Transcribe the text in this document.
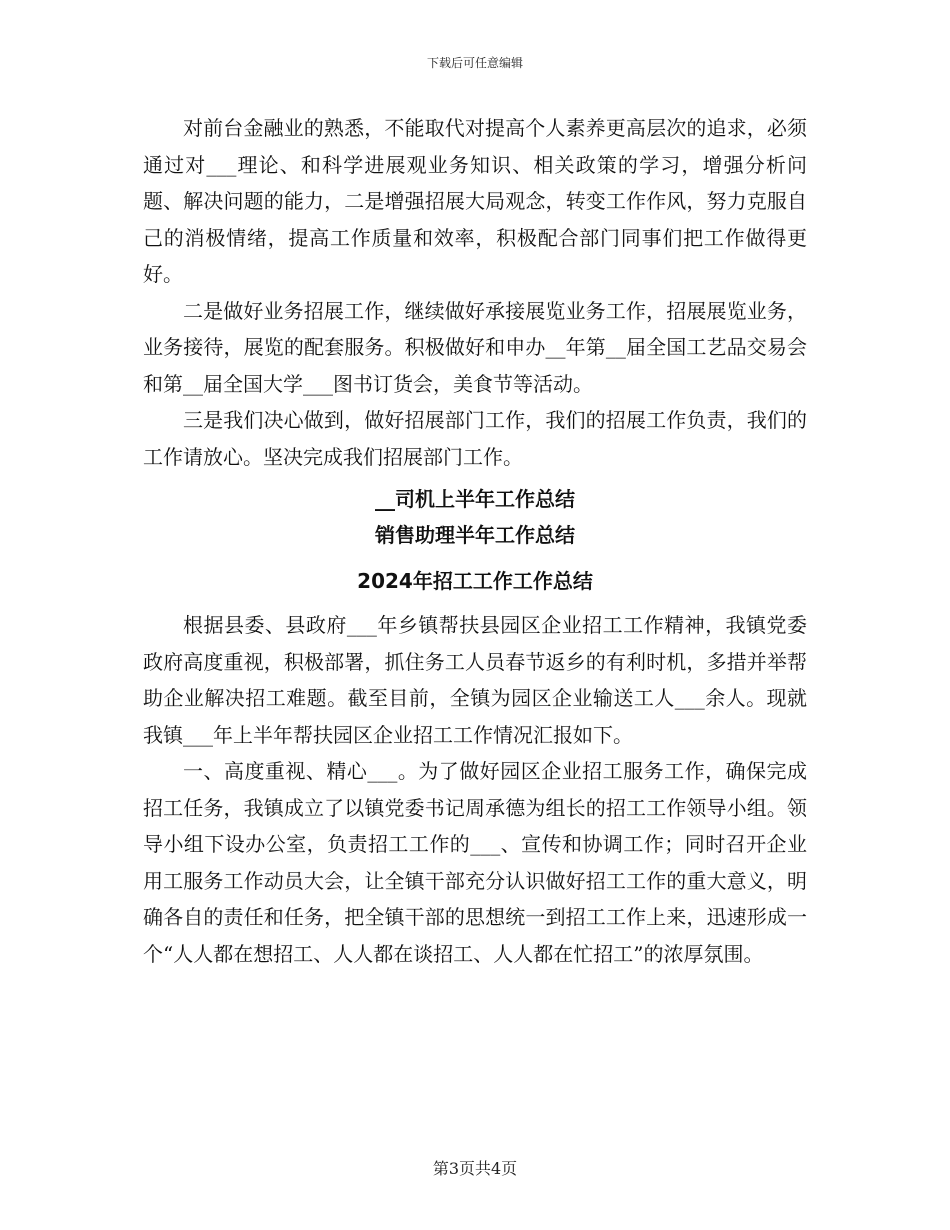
下载后可任意编辑

对前台金融业的熟悉，不能取代对提高个人素养更高层次的追求，必须通过对___理论、和科学进展观业务知识、相关政策的学习，增强分析问题、解决问题的能力，二是增强招展大局观念，转变工作作风，努力克服自己的消极情绪，提高工作质量和效率，积极配合部门同事们把工作做得更好。

二是做好业务招展工作，继续做好承接展览业务工作，招展展览业务，业务接待，展览的配套服务。积极做好和申办__年第__届全国工艺品交易会和第__届全国大学___图书订货会，美食节等活动。

三是我们决心做到，做好招展部门工作，我们的招展工作负责，我们的工作请放心。坚决完成我们招展部门工作。

__司机上半年工作总结

销售助理半年工作总结

2024年招工工作工作总结

根据县委、县政府___年乡镇帮扶县园区企业招工工作精神，我镇党委政府高度重视，积极部署，抓住务工人员春节返乡的有利时机，多措并举帮助企业解决招工难题。截至目前，全镇为园区企业输送工人___余人。现就我镇___年上半年帮扶园区企业招工工作情况汇报如下。

一、高度重视、精心___。为了做好园区企业招工服务工作，确保完成招工任务，我镇成立了以镇党委书记周承德为组长的招工工作领导小组。领导小组下设办公室，负责招工工作的___、宣传和协调工作；同时召开企业用工服务工作动员大会，让全镇干部充分认识做好招工工作的重大意义，明确各自的责任和任务，把全镇干部的思想统一到招工工作上来，迅速形成一个“人人都在想招工、人人都在谈招工、人人都在忙招工”的浓厚氛围。

第3页共4页
